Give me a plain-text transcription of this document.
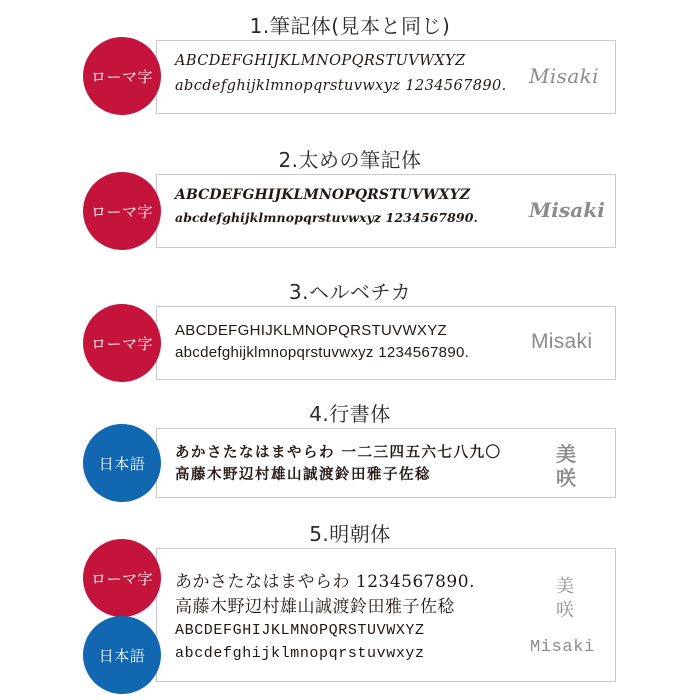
1.筆記体(見本と同じ)
ローマ字
ABCDEFGHIJKLMNOPQRSTUVWXYZ
abcdefghijklmnopqrstuvwxyz 1234567890. Misaki
2.太めの筆記体
ローマ字
ABCDEFGHIJKLMNOPQRSTUVWXYZ
abcdefghijklmnopqrstuvwxyz 1234567890.	Misaki
3.ヘルベチカ
ローマ字
ABCDEFGHIJKLMNOPQRSTUVWXYZ
abcdefghijklmnopqrstuvwxyz 1234567890.	Misaki
4.行書体
日本語
あかさたなはまやらわ 一二三四五六七八九〇
高藤木野辺村雄山誠渡鈴田雅子佐稔
美
咲
5.明朝体
ローマ字
日本語
あかさたなはまやらわ 1234567890.
高藤木野辺村雄山誠渡鈴田雅子佐稔
ABCDEFGHIJKLMNOPQRSTUVWXYZ
abcdefghijklmnopqrstuvwxyz
美
咲
Misaki
